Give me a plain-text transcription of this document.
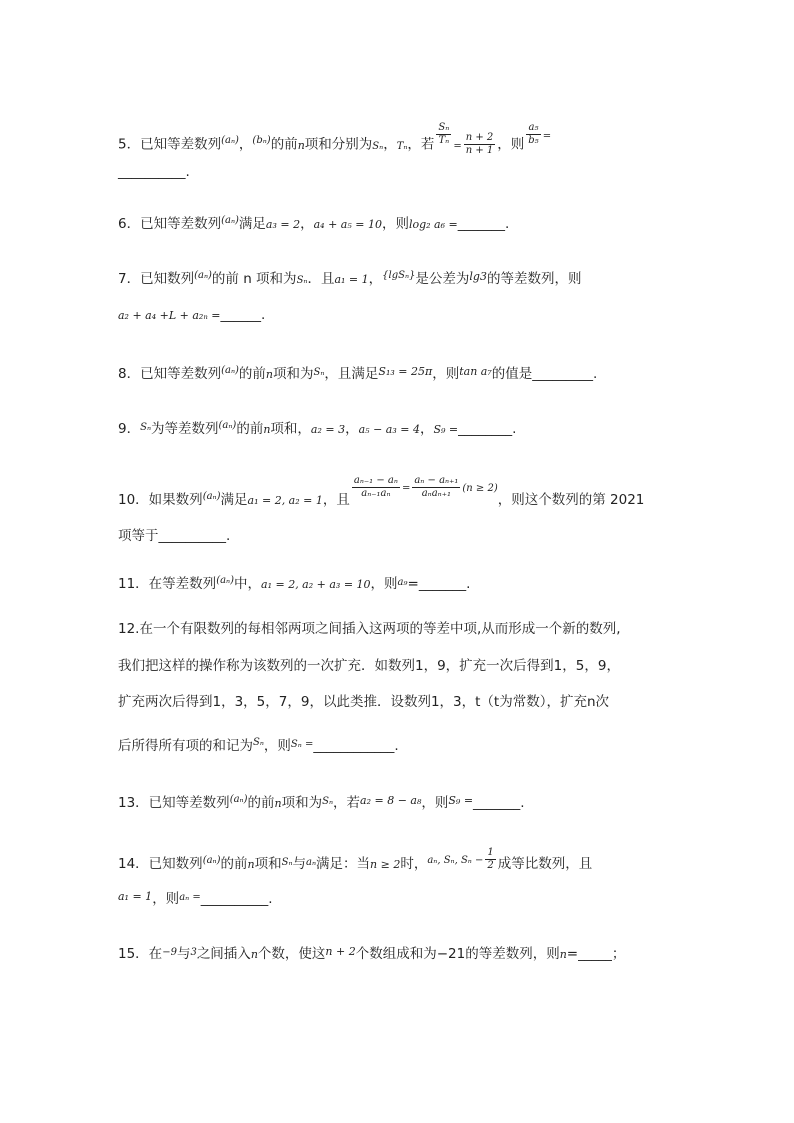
5．已知等差数列$^{(a_n)}$，$^{(b_n)}$的前n项和分别为Sₙ，Tₙ，若 $\frac{\text{Sₙ}}{\text{Tₙ}} = \frac{n + 2}{n + 1}$ ，则 $\frac{\text{a₅}}{\text{b₅}} ^=$
__________.
6．已知等差数列$^{(a_n)}$满足a₃ = 2，a₄ + a₅ = 10，则log₂ a₆ =_______.
7．已知数列$^{(a_n)}$的前 n 项和为Sₙ．且a₁ = 1，$^{\{lgS_n\}}$是公差为$^{lg3}$的等差数列，则
a₂ + a₄ +L + a₂ₙ =______.
8．已知等差数列$^{(a_n)}$的前n项和为$^{S_n}$，且满足$^{S_{13} = 25\pi}$，则$^{tan a_7}$的值是_________.
9．$^{S_n}$为等差数列$^{(a_n)}$的前n项和，a₂ = 3，a₅ − a₃ = 4，S₉ =________.
10．如果数列$^{(a_n)}$满足a₁ = 2, a₂ = 1，且
$\frac{\text{aₙ₋₁ − aₙ}}{\text{aₙ₋₁aₙ}} ^= \frac{\text{aₙ − aₙ₊₁}}{\text{aₙaₙ₊₁}} ^{(n \ge 2)}$，则这个数列的第 2021
项等于__________.
11．在等差数列$^{(a_n)}$中，a₁ = 2, a₂ + a₃ = 10，则$^{a_9}$=_______.
12.在一个有限数列的每相邻两项之间插入这两项的等差中项,从而形成一个新的数列,
我们把这样的操作称为该数列的一次扩充．如数列1，9，扩充一次后得到1，5，9，
扩充两次后得到1，3，5，7，9，以此类推．设数列1，3，t（t为常数），扩充n次
后所得所有项的和记为$^{S_n}$，则$^{S_n =}$____________.
13．已知等差数列$^{(a_n)}$的前n项和为$^{S_n}$，若$^{a_2 = 8 - a_8}$，则$^{S_9 =}$_______.
14．已知数列$^{(a_n)}$的前n项和$^{S_n}$与$^{a_n}$满足：当n ≥ 2时，$^{a_n, S_n, S_n -} \frac{1}{2}$ 成等比数列，且
$^{a_1 = 1}$，则$^{a_n =}$__________.
15．在$^{-9}$与$^3$之间插入n个数，使这$^{n + 2}$个数组成和为−21的等差数列，则n=_____；
